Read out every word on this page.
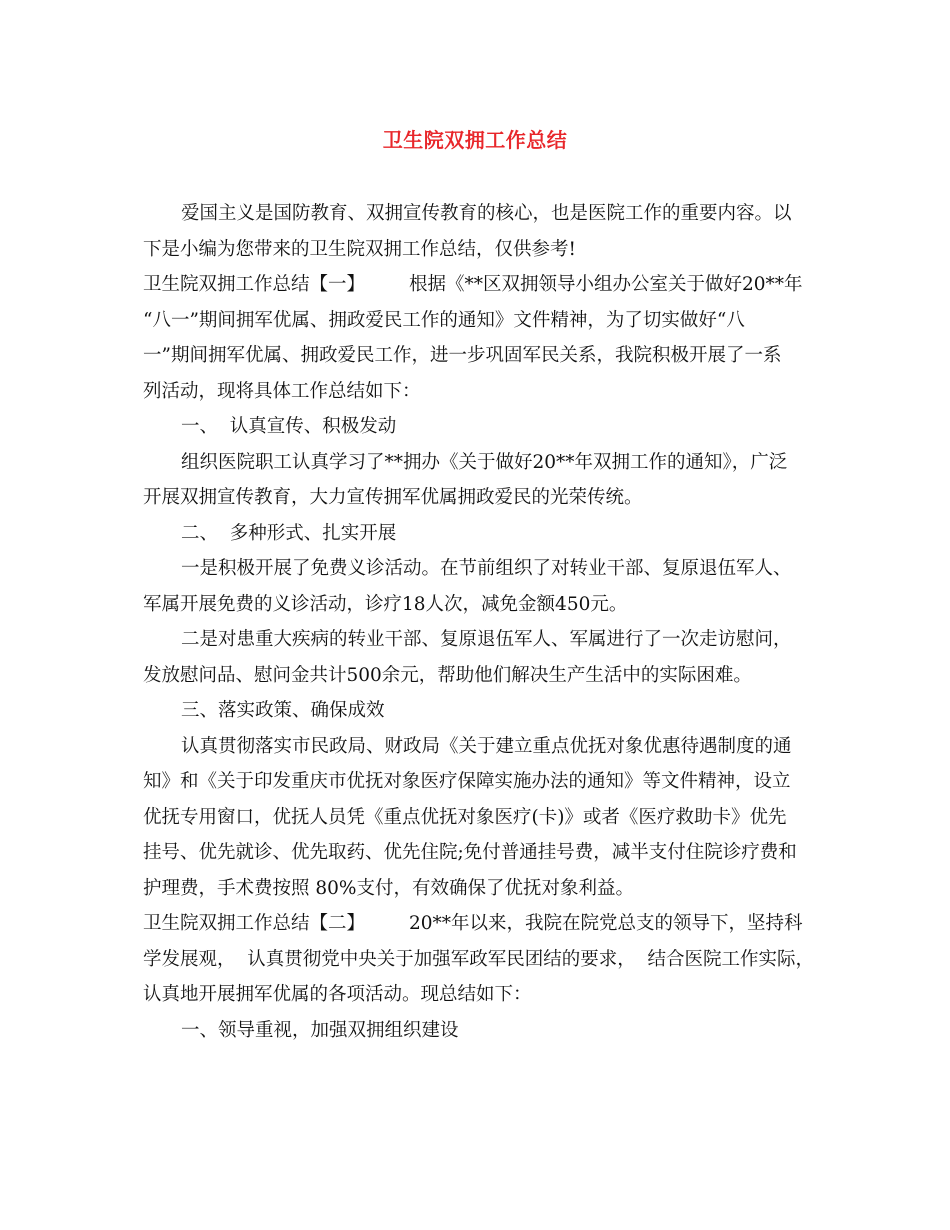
卫生院双拥工作总结
爱国主义是国防教育、双拥宣传教育的核心，也是医院工作的重要内容。以
下是小编为您带来的卫生院双拥工作总结，仅供参考!
卫生院双拥工作总结【一】 根据《**区双拥领导小组办公室关于做好20**年
“八一”期间拥军优属、拥政爱民工作的通知》文件精神，为了切实做好“八
一”期间拥军优属、拥政爱民工作，进一步巩固军民关系，我院积极开展了一系
列活动，现将具体工作总结如下：
一、  认真宣传、积极发动
组织医院职工认真学习了**拥办《关于做好20**年双拥工作的通知》，广泛
开展双拥宣传教育，大力宣传拥军优属拥政爱民的光荣传统。
二、  多种形式、扎实开展
一是积极开展了免费义诊活动。在节前组织了对转业干部、复原退伍军人、
军属开展免费的义诊活动，诊疗18人次，减免金额450元。
二是对患重大疾病的转业干部、复原退伍军人、军属进行了一次走访慰问，
发放慰问品、慰问金共计500余元，帮助他们解决生产生活中的实际困难。
三、落实政策、确保成效
认真贯彻落实市民政局、财政局《关于建立重点优抚对象优惠待遇制度的通
知》和《关于印发重庆市优抚对象医疗保障实施办法的通知》等文件精神，设立
优抚专用窗口，优抚人员凭《重点优抚对象医疗(卡)》或者《医疗救助卡》优先
挂号、优先就诊、优先取药、优先住院;免付普通挂号费，减半支付住院诊疗费和
护理费，手术费按照 80%支付，有效确保了优抚对象利益。
卫生院双拥工作总结【二】 20**年以来，我院在院党总支的领导下，坚持科
学发展观，  认真贯彻党中央关于加强军政军民团结的要求，  结合医院工作实际，
认真地开展拥军优属的各项活动。现总结如下：
一、领导重视，加强双拥组织建设
